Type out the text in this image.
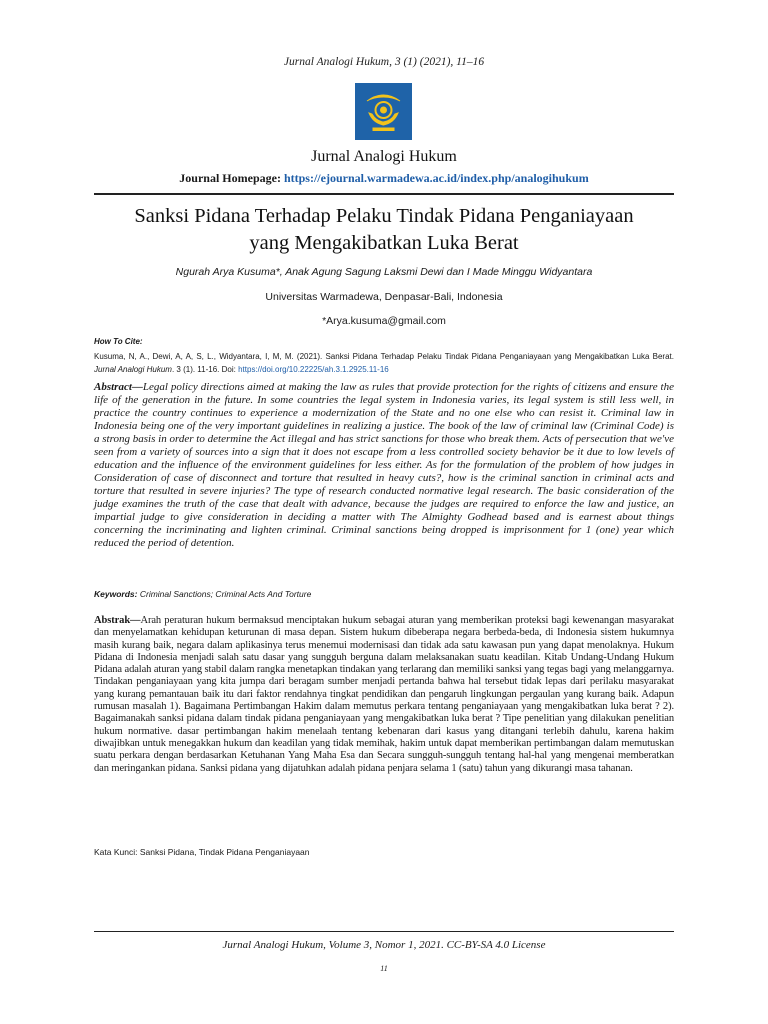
Jurnal Analogi Hukum, 3 (1) (2021), 11–16
Jurnal Analogi Hukum
Journal Homepage: https://ejournal.warmadewa.ac.id/index.php/analogihukum
Sanksi Pidana Terhadap Pelaku Tindak Pidana Penganiayaan
yang Mengakibatkan Luka Berat
Ngurah Arya Kusuma*, Anak Agung Sagung Laksmi Dewi dan I Made Minggu Widyantara
Universitas Warmadewa, Denpasar-Bali, Indonesia
*Arya.kusuma@gmail.com
How To Cite:
Kusuma, N, A., Dewi, A, A, S, L., Widyantara, I, M, M. (2021). Sanksi Pidana Terhadap Pelaku Tindak Pidana Penganiayaan yang Mengakibatkan Luka Berat. Jurnal Analogi Hukum. 3 (1). 11-16. Doi: https://doi.org/10.22225/ah.3.1.2925.11-16
Abstract—Legal policy directions aimed at making the law as rules that provide protection for the rights of citizens and ensure the life of the generation in the future. In some countries the legal system in Indonesia varies, its legal system is still less well, in practice the country continues to experience a modernization of the State and no one else who can resist it. Criminal law in Indonesia being one of the very important guidelines in realizing a justice. The book of the law of criminal law (Criminal Code) is a strong basis in order to determine the Act illegal and has strict sanctions for those who break them. Acts of persecution that we've seen from a variety of sources into a sign that it does not escape from a less controlled society behavior be it due to low levels of education and the influence of the environment guidelines for less either. As for the formulation of the problem of how judges in Consideration of case of disconnect and torture that resulted in heavy cuts?, how is the criminal sanction in criminal acts and torture that resulted in severe injuries? The type of research conducted normative legal research. The basic consideration of the judge examines the truth of the case that dealt with advance, because the judges are required to enforce the law and justice, an impartial judge to give consideration in deciding a matter with The Almighty Godhead based and is earnest about things concerning the incriminating and lighten criminal. Criminal sanctions being dropped is imprisonment for 1 (one) year which reduced the period of detention.
Keywords: Criminal Sanctions; Criminal Acts And Torture
Abstrak—Arah peraturan hukum bermaksud menciptakan hukum sebagai aturan yang memberikan proteksi bagi kewenangan masyarakat dan menyelamatkan kehidupan keturunan di masa depan. Sistem hukum dibeberapa negara berbeda-beda, di Indonesia sistem hukumnya masih kurang baik, negara dalam aplikasinya terus menemui modernisasi dan tidak ada satu kawasan pun yang dapat menolaknya. Hukum Pidana di Indonesia menjadi salah satu dasar yang sungguh berguna dalam melaksanakan suatu keadilan. Kitab Undang-Undang Hukum Pidana adalah aturan yang stabil dalam rangka menetapkan tindakan yang terlarang dan memiliki sanksi yang tegas bagi yang melanggarnya. Tindakan penganiayaan yang kita jumpa dari beragam sumber menjadi pertanda bahwa hal tersebut tidak lepas dari perilaku masyarakat yang kurang pemantauan baik itu dari faktor rendahnya tingkat pendidikan dan pengaruh lingkungan pergaulan yang kurang baik. Adapun rumusan masalah 1). Bagaimana Pertimbangan Hakim dalam memutus perkara tentang penganiayaan yang mengakibatkan luka berat ? 2). Bagaimanakah sanksi pidana dalam tindak pidana penganiayaan yang mengakibatkan luka berat ? Tipe penelitian yang dilakukan penelitian hukum normative. dasar pertimbangan hakim menelaah tentang kebenaran dari kasus yang ditangani terlebih dahulu, karena hakim diwajibkan untuk menegakkan hukum dan keadilan yang tidak memihak, hakim untuk dapat memberikan pertimbangan dalam memutuskan suatu perkara dengan berdasarkan Ketuhanan Yang Maha Esa dan Secara sungguh-sungguh tentang hal-hal yang mengenai memberatkan dan meringankan pidana. Sanksi pidana yang dijatuhkan adalah pidana penjara selama 1 (satu) tahun yang dikurangi masa tahanan.
Kata Kunci: Sanksi Pidana, Tindak Pidana Penganiayaan
Jurnal Analogi Hukum, Volume 3, Nomor 1, 2021. CC-BY-SA 4.0 License
11
